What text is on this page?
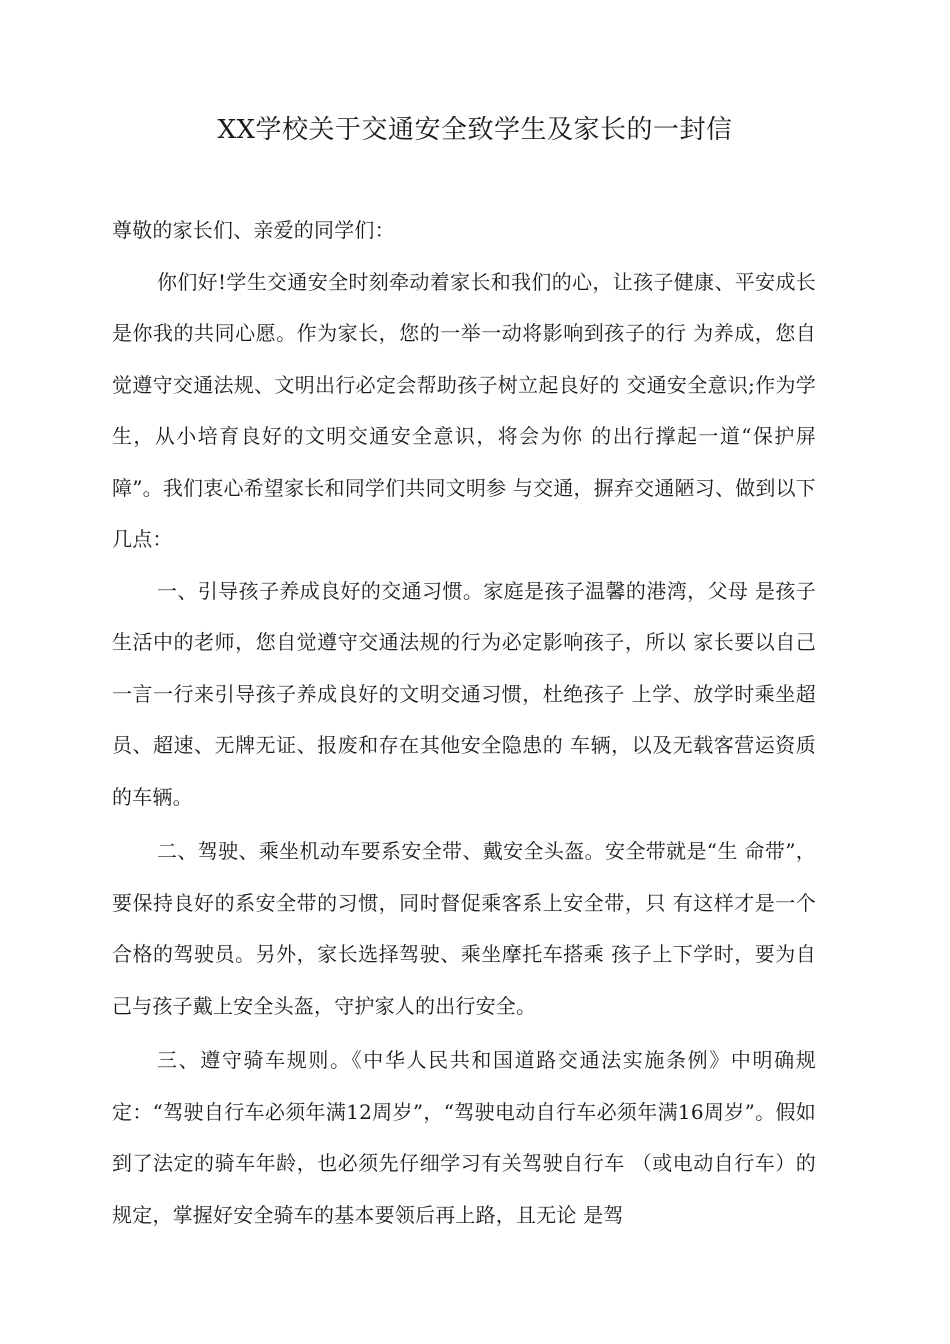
XX学校关于交通安全致学生及家长的一封信

尊敬的家长们、亲爱的同学们：

你们好!学生交通安全时刻牵动着家长和我们的心，让孩子健康、平安成长是你我的共同心愿。作为家长，您的一举一动将影响到孩子的行 为养成，您自觉遵守交通法规、文明出行必定会帮助孩子树立起良好的 交通安全意识;作为学生，从小培育良好的文明交通安全意识，将会为你 的出行撑起一道“保护屏障”。我们衷心希望家长和同学们共同文明参 与交通，摒弃交通陋习、做到以下几点：

一、引导孩子养成良好的交通习惯。家庭是孩子温馨的港湾，父母 是孩子生活中的老师，您自觉遵守交通法规的行为必定影响孩子，所以 家长要以自己一言一行来引导孩子养成良好的文明交通习惯，杜绝孩子 上学、放学时乘坐超员、超速、无牌无证、报废和存在其他安全隐患的 车辆，以及无载客营运资质的车辆。

二、驾驶、乘坐机动车要系安全带、戴安全头盔。安全带就是“生 命带”，要保持良好的系安全带的习惯，同时督促乘客系上安全带，只 有这样才是一个合格的驾驶员。另外，家长选择驾驶、乘坐摩托车搭乘 孩子上下学时，要为自己与孩子戴上安全头盔，守护家人的出行安全。

三、遵守骑车规则。《中华人民共和国道路交通法实施条例》中明确规定：“驾驶自行车必须年满12周岁”，“驾驶电动自行车必须年满16周岁”。假如到了法定的骑车年龄，也必须先仔细学习有关驾驶自行车 （或电动自行车）的规定，掌握好安全骑车的基本要领后再上路，且无论 是驾
